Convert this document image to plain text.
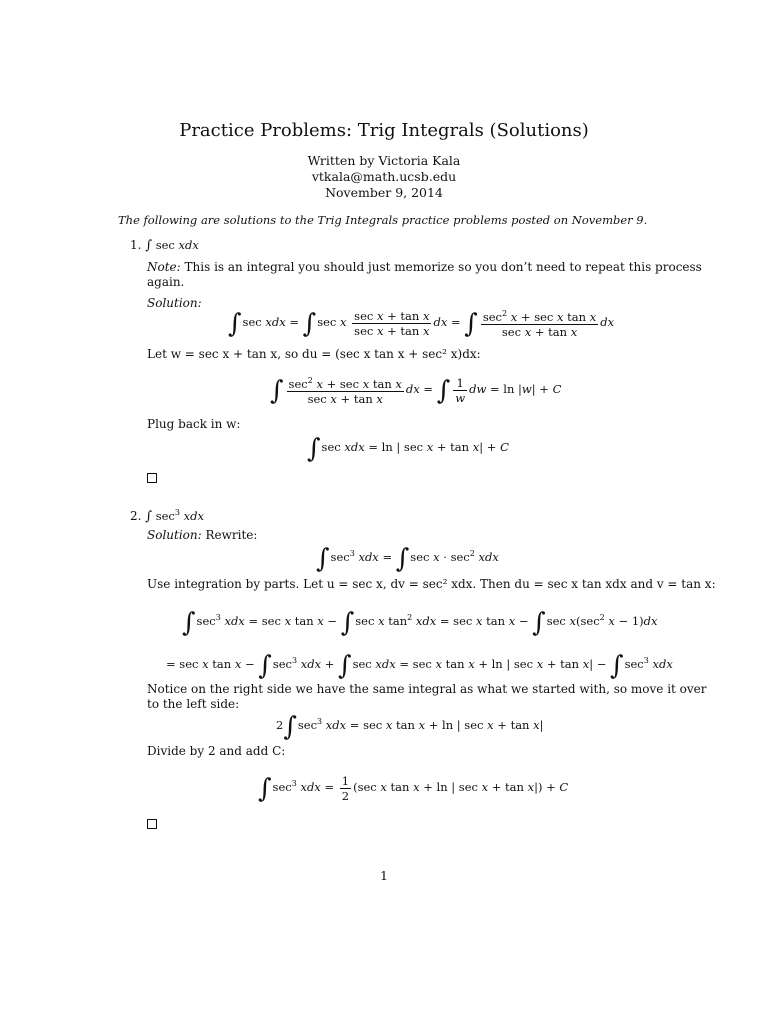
Practice Problems: Trig Integrals (Solutions)
Written by Victoria Kala
vtkala@math.ucsb.edu
November 9, 2014
The following are solutions to the Trig Integrals practice problems posted on November 9.
1. ∫ sec xdx
Note: This is an integral you should just memorize so you don’t need to repeat this process
again.
Solution:
∫sec xdx = ∫sec x $\frac{\text{sec x + tan x}}{\text{sec x + tan x}}$ dx = ∫ $\frac{\sec^2 x + \sec x \tan x}{\text{sec x + tan x}}$ dx
Let w = sec x + tan x, so du = (sec x tan x + sec² x)dx:
∫ $\frac{\sec^2 x + \sec x \tan x}{\text{sec x + tan x}}$ dx = ∫ $\frac{1}{w}$ dw = ln |w| + C
Plug back in w:
∫sec xdx = ln | sec x + tan x| + C
2. ∫ $\sec^3$ xdx
Solution: Rewrite:
$\int\sec^3$ xdx = ∫sec $x \cdot \sec^2$ xdx
Use integration by parts. Let u = sec x, dv = sec² xdx. Then du = sec x tan xdx and v = tan x:
$\int\sec^3$ xdx = sec x tan x − ∫sec x $\tan^2$ xdx = sec x tan x − ∫sec $x(\sec^2$ x − 1)dx
= sec x $\tan x - \int\sec^3$ xdx + ∫sec xdx = sec x tan x + ln | $\sec x + \tan x| - \int\sec^3$ xdx
Notice on the right side we have the same integral as what we started with, so move it over
to the left side:
$2\int\sec^3$ xdx = sec x tan x + ln | sec x + tan x|
Divide by 2 and add C:
$\int\sec^3$ xdx = $\frac{1}{2} (\sec$ x tan x + ln | sec x + tan x|) + C
1
